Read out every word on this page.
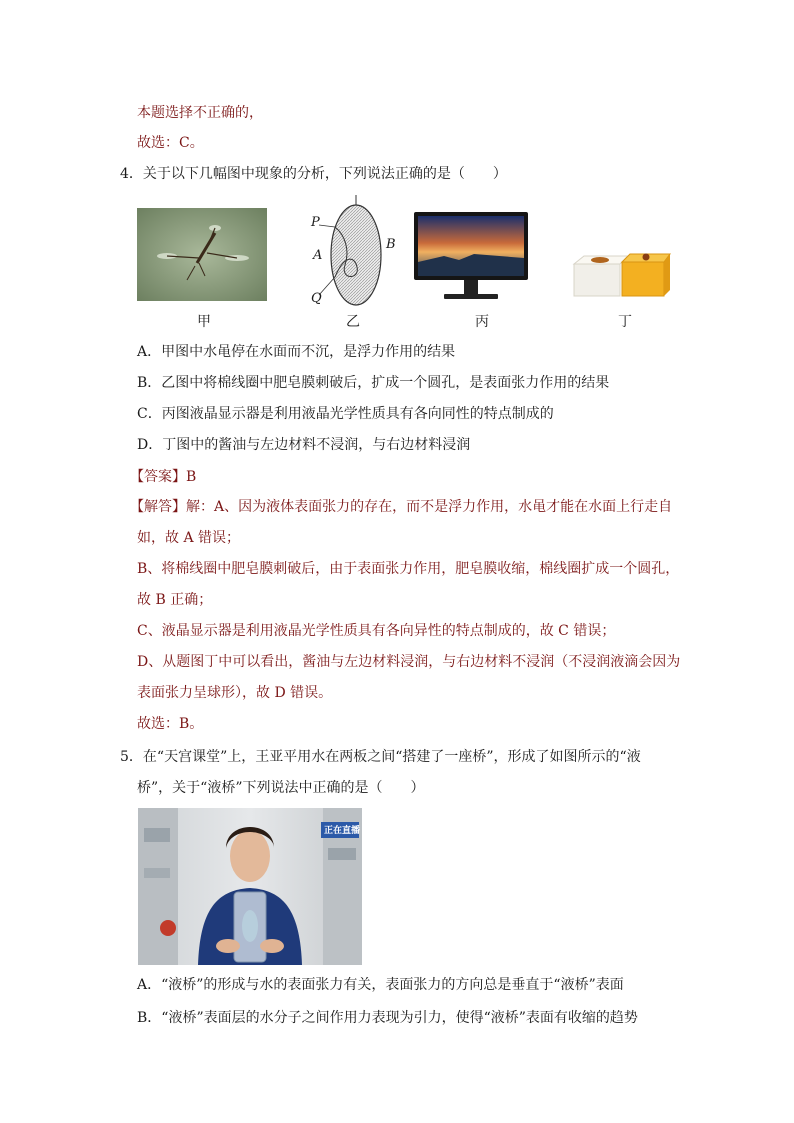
本题选择不正确的，
故选：C。
4．关于以下几幅图中现象的分析，下列说法正确的是（　　）
甲
P
A
B
Q
乙	丙	丁
A．甲图中水黾停在水面而不沉，是浮力作用的结果
B．乙图中将棉线圈中肥皂膜刺破后，扩成一个圆孔，是表面张力作用的结果
C．丙图液晶显示器是利用液晶光学性质具有各向同性的特点制成的
D．丁图中的酱油与左边材料不浸润，与右边材料浸润
【答案】B
【解答】解：A、因为液体表面张力的存在，而不是浮力作用，水黾才能在水面上行走自
如，故 A 错误；
B、将棉线圈中肥皂膜刺破后，由于表面张力作用，肥皂膜收缩，棉线圈扩成一个圆孔，
故 B 正确；
C、液晶显示器是利用液晶光学性质具有各向异性的特点制成的，故 C 错误；
D、从题图丁中可以看出，酱油与左边材料浸润，与右边材料不浸润（不浸润液滴会因为
表面张力呈球形），故 D 错误。
故选：B。
5．在“天宫课堂”上，王亚平用水在两板之间“搭建了一座桥”，形成了如图所示的“液
桥”，关于“液桥”下列说法中正确的是（　　）
正在直播
A．“液桥”的形成与水的表面张力有关，表面张力的方向总是垂直于“液桥”表面
B．“液桥”表面层的水分子之间作用力表现为引力，使得“液桥”表面有收缩的趋势
